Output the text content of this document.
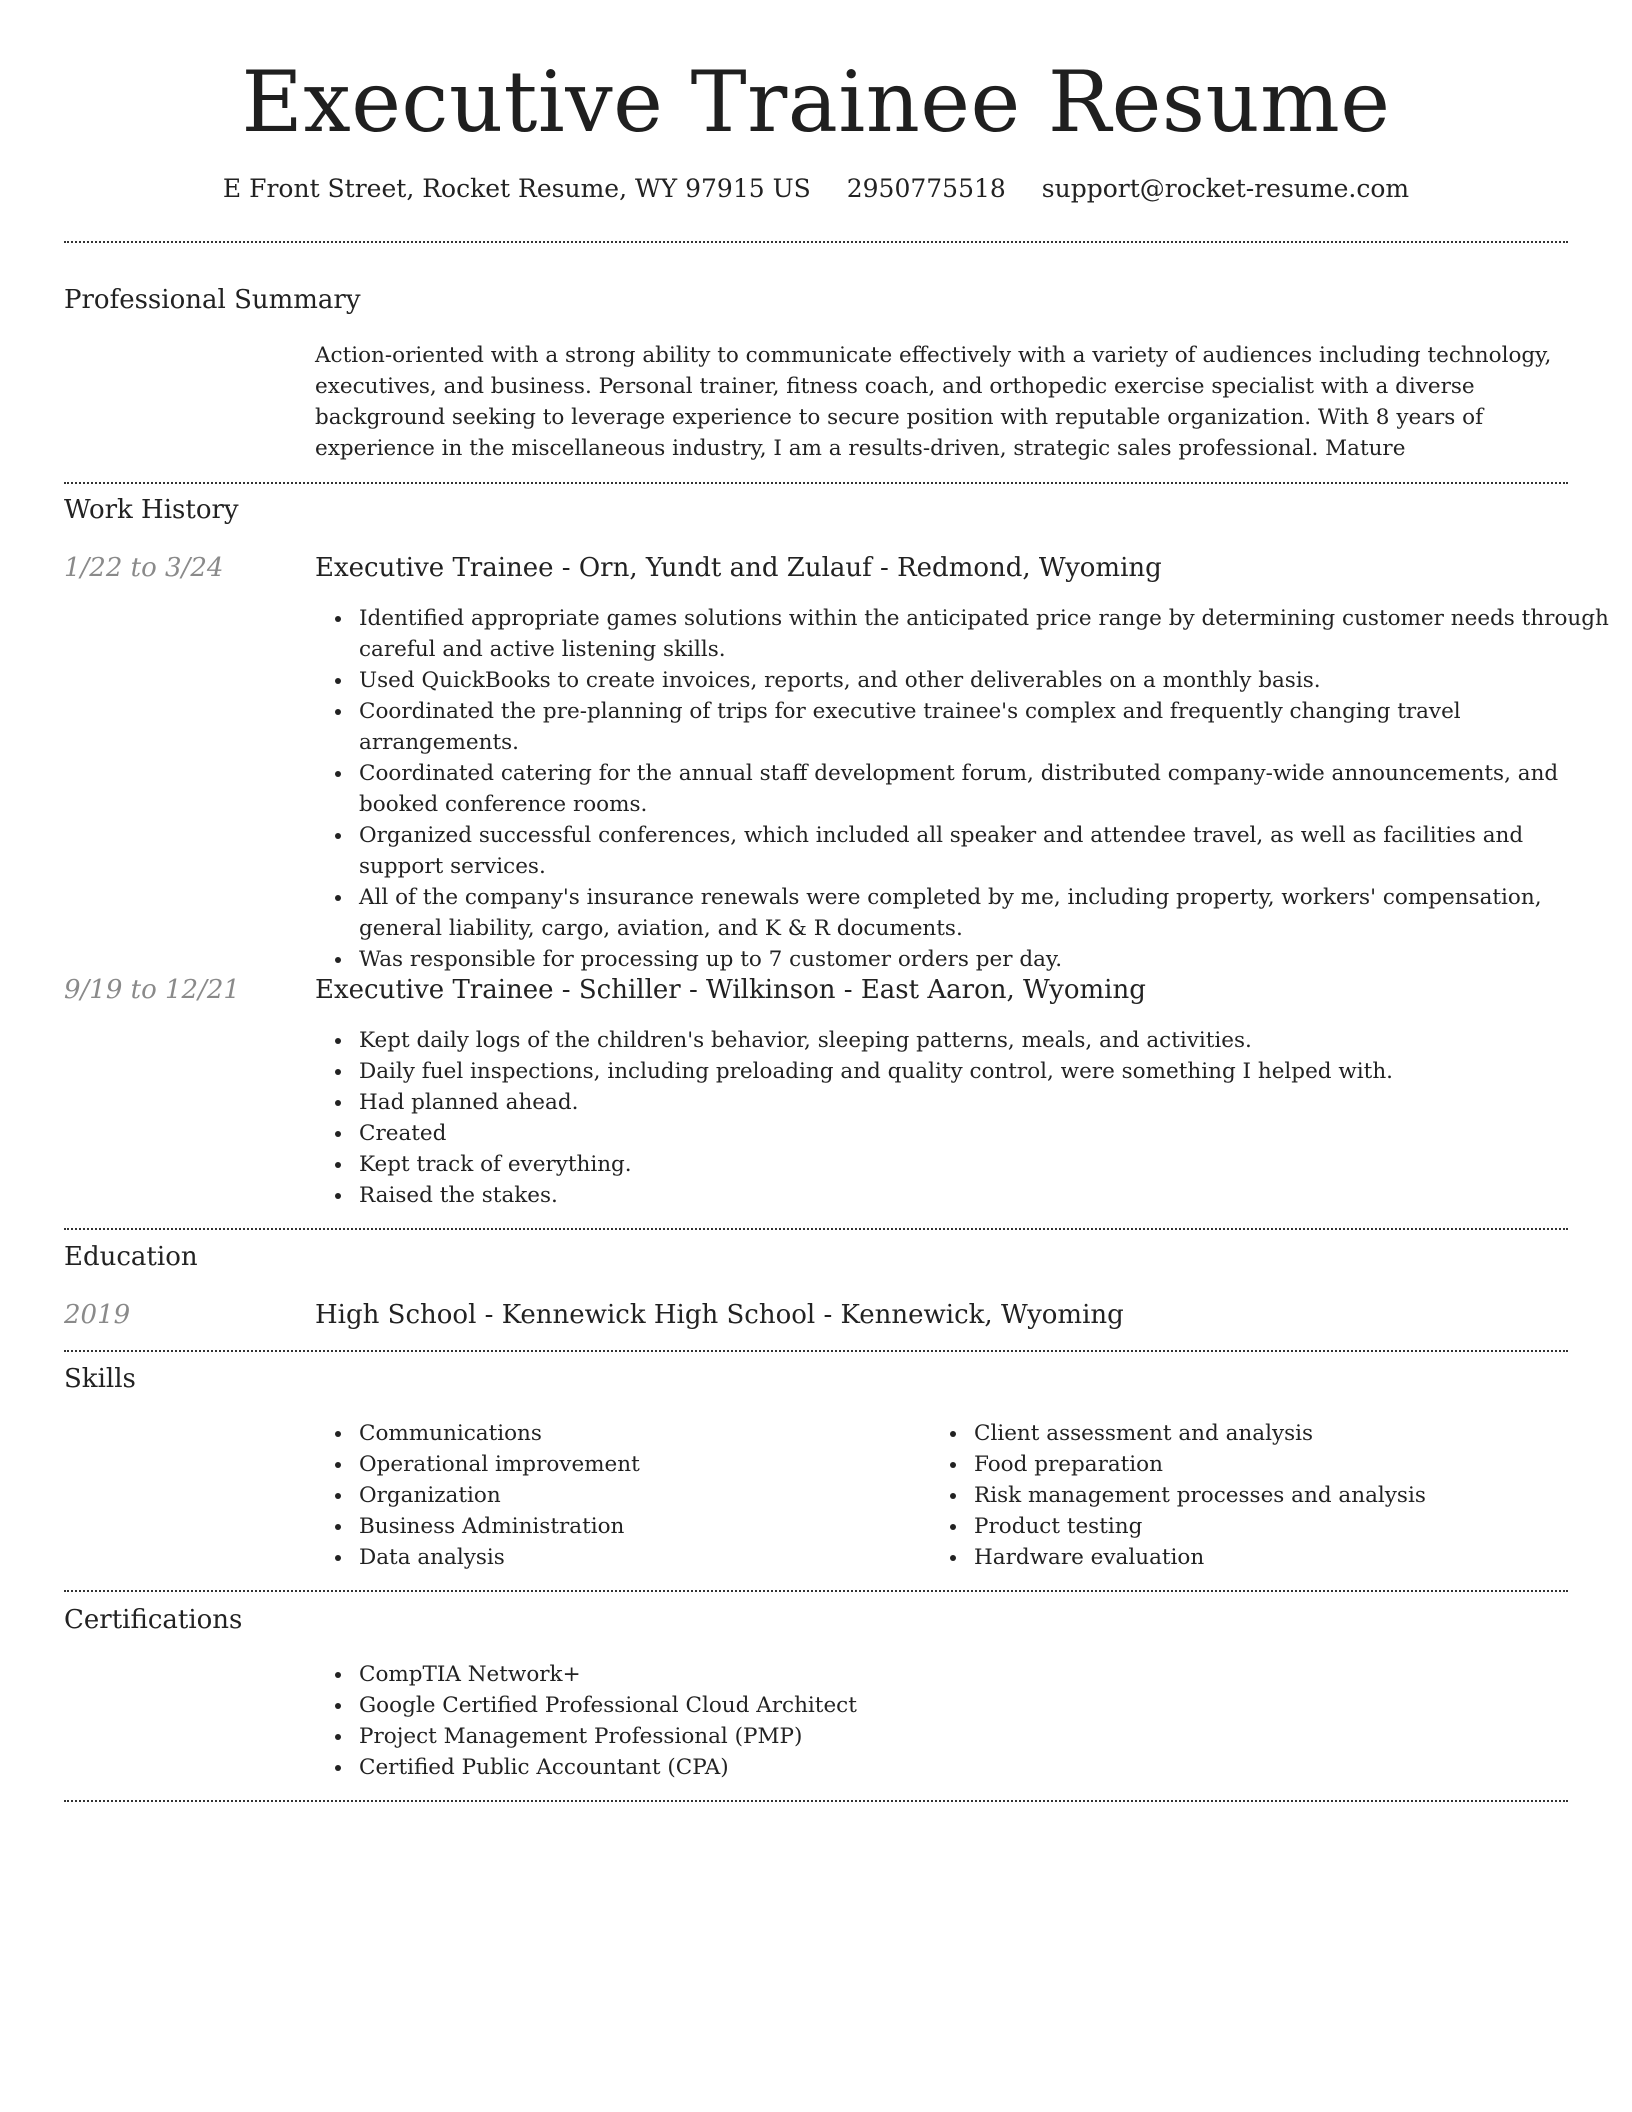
Executive Trainee Resume
E Front Street, Rocket Resume, WY 97915 US 2950775518 support@rocket-resume.com
Professional Summary
Action-oriented with a strong ability to communicate effectively with a variety of audiences including technology, executives, and business. Personal trainer, fitness coach, and orthopedic exercise specialist with a diverse background seeking to leverage experience to secure position with reputable organization. With 8 years of experience in the miscellaneous industry, I am a results-driven, strategic sales professional. Mature
Work History
1/22 to 3/24	Executive Trainee - Orn, Yundt and Zulauf - Redmond, Wyoming
Identified appropriate games solutions within the anticipated price range by determining customer needs through careful and active listening skills.
Used QuickBooks to create invoices, reports, and other deliverables on a monthly basis.
Coordinated the pre-planning of trips for executive trainee's complex and frequently changing travel arrangements.
Coordinated catering for the annual staff development forum, distributed company-wide announcements, and booked conference rooms.
Organized successful conferences, which included all speaker and attendee travel, as well as facilities and support services.
All of the company's insurance renewals were completed by me, including property, workers' compensation, general liability, cargo, aviation, and K & R documents.
Was responsible for processing up to 7 customer orders per day.
9/19 to 12/21	Executive Trainee - Schiller - Wilkinson - East Aaron, Wyoming
Kept daily logs of the children's behavior, sleeping patterns, meals, and activities.
Daily fuel inspections, including preloading and quality control, were something I helped with.
Had planned ahead.
Created
Kept track of everything.
Raised the stakes.
Education
2019	High School - Kennewick High School - Kennewick, Wyoming
Skills
Communications
Operational improvement
Organization
Business Administration
Data analysis
Client assessment and analysis
Food preparation
Risk management processes and analysis
Product testing
Hardware evaluation
Certifications
CompTIA Network+
Google Certified Professional Cloud Architect
Project Management Professional (PMP)
Certified Public Accountant (CPA)
